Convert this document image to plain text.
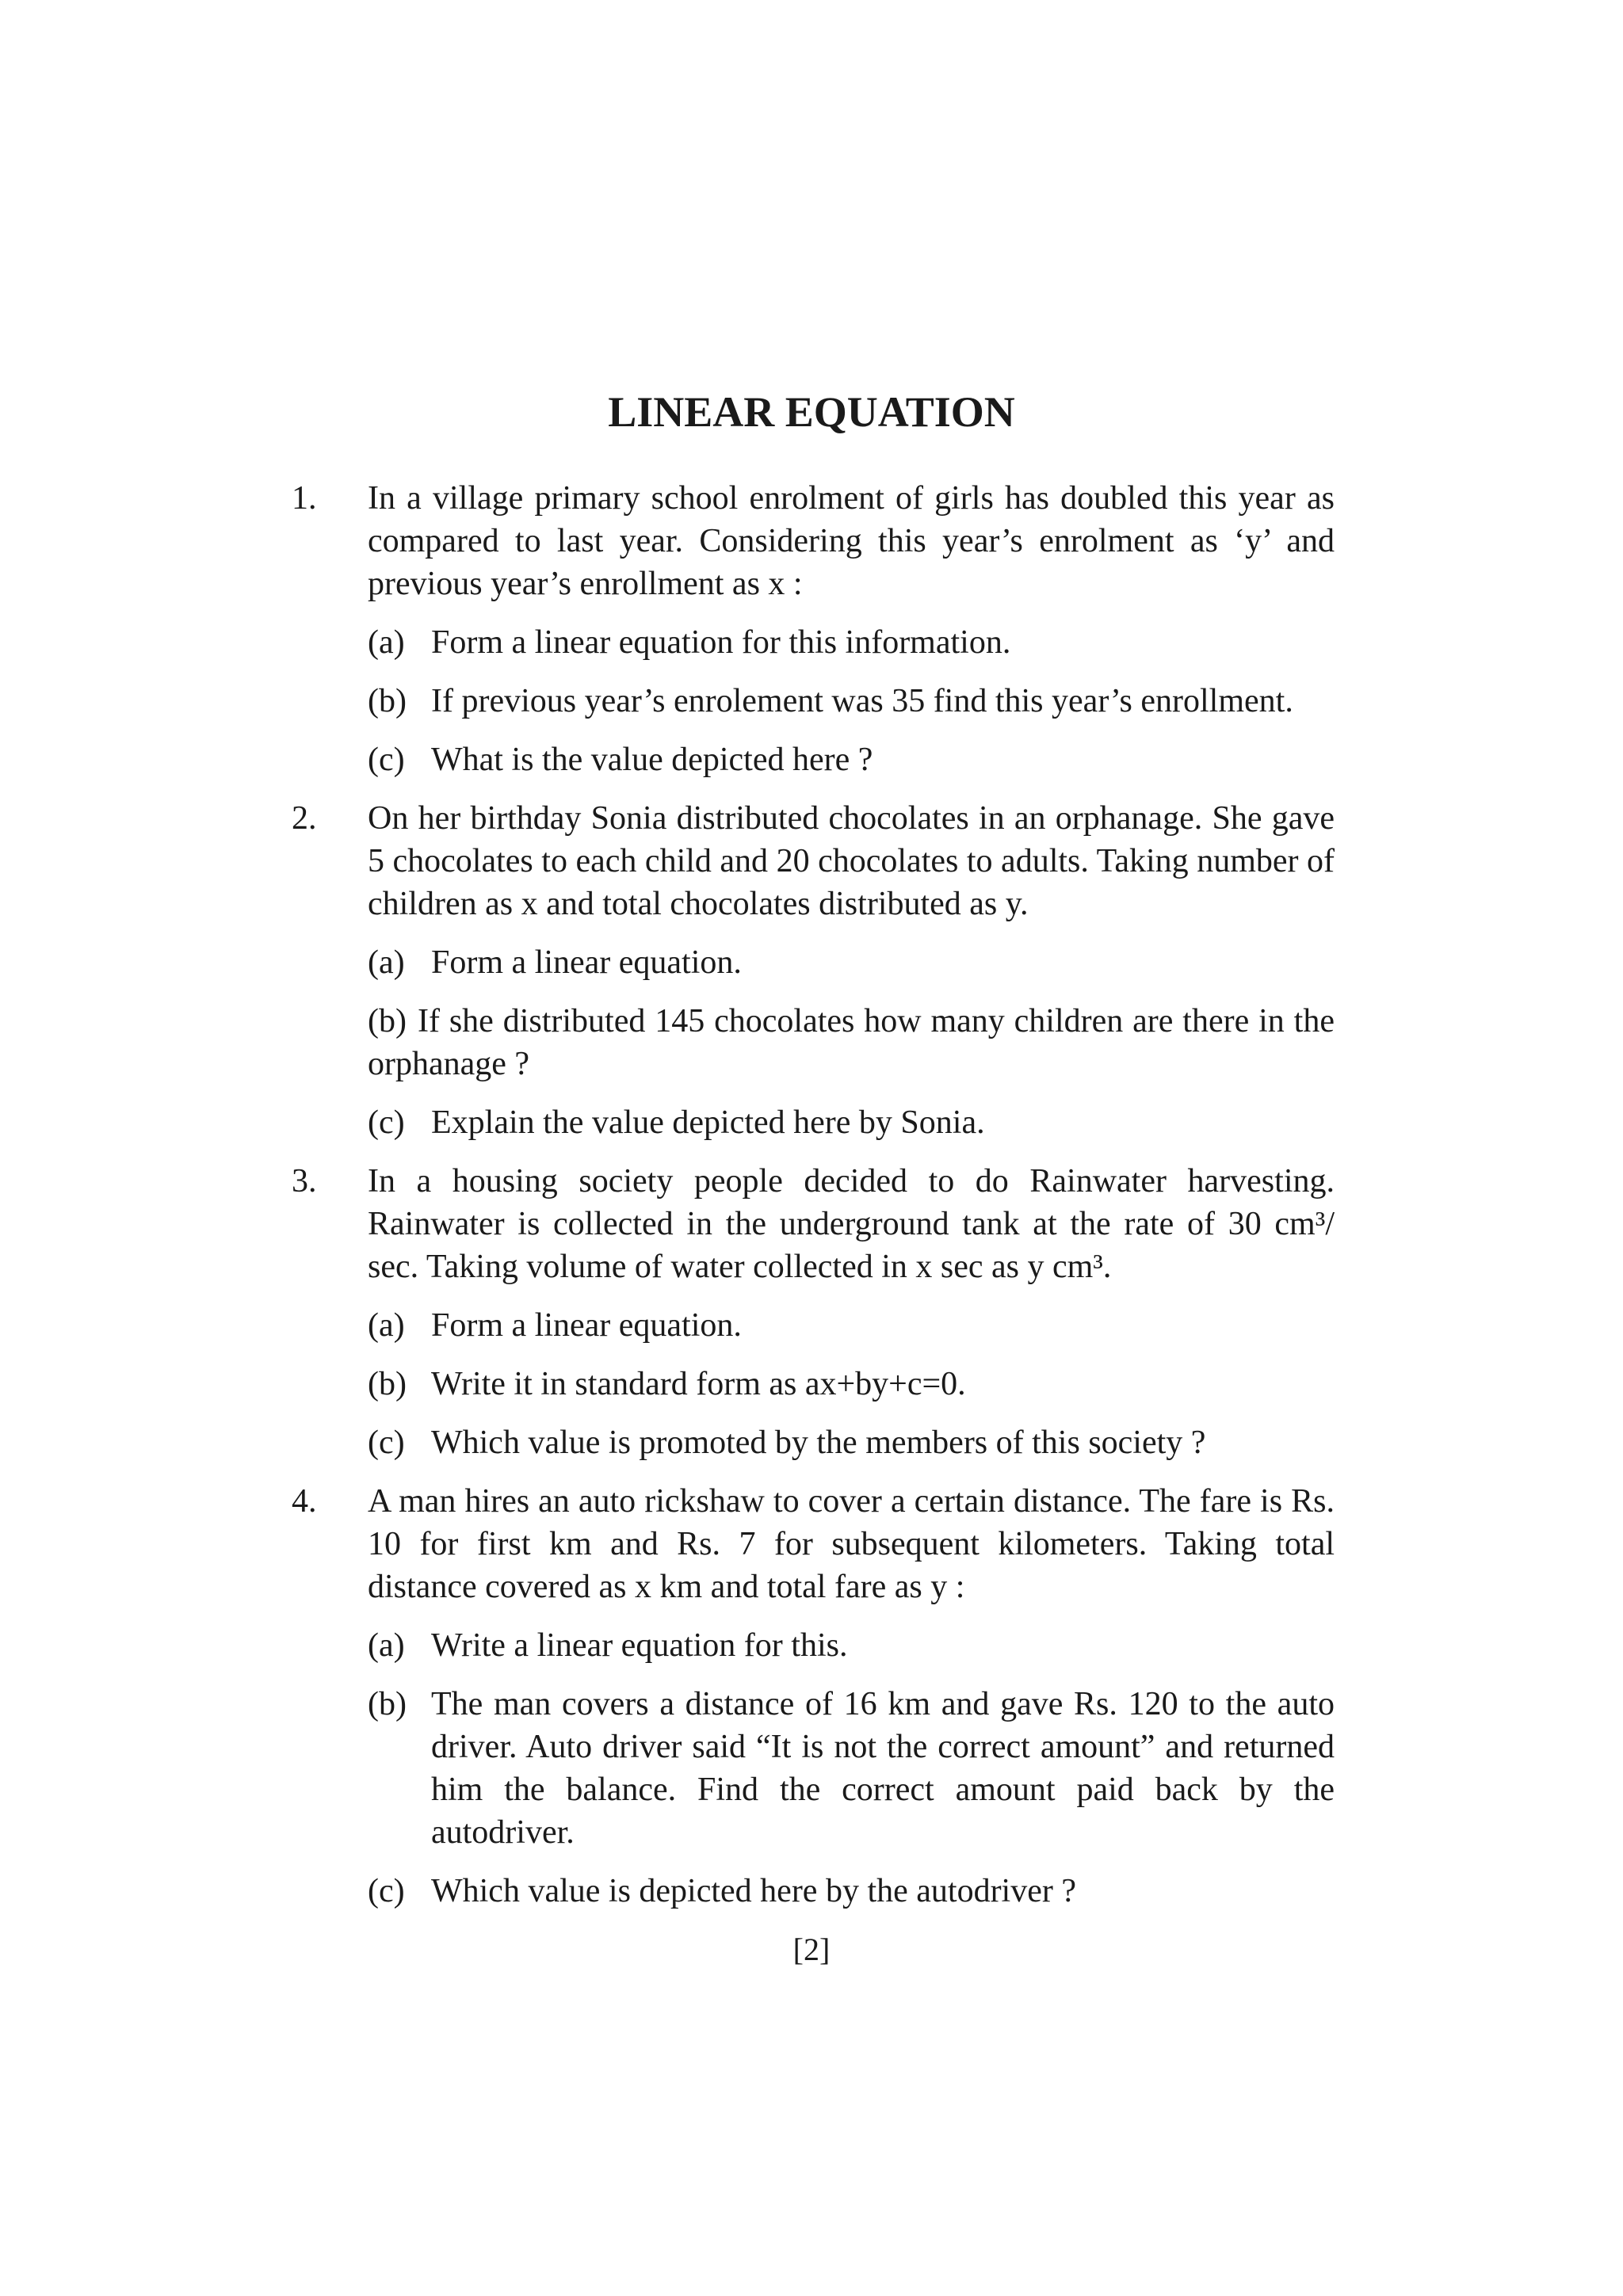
LINEAR EQUATION
1. In a village primary school enrolment of girls has doubled this year as compared to last year. Considering this year’s enrolment as ‘y’ and previous year’s enrollment as x :
(a) Form a linear equation for this information.
(b) If previous year’s enrolement was 35 find this year’s enrollment.
(c) What is the value depicted here ?
2. On her birthday Sonia distributed chocolates in an orphanage. She gave 5 chocolates to each child and 20 chocolates to adults. Taking number of children as x and total chocolates distributed as y.
(a) Form a linear equation.
(b) If she distributed 145 chocolates how many children are there in the orphanage ?
(c) Explain the value depicted here by Sonia.
3. In a housing society people decided to do Rainwater harvesting. Rainwater is collected in the underground tank at the rate of 30 cm³/ sec. Taking volume of water collected in x sec as y cm³.
(a) Form a linear equation.
(b) Write it in standard form as ax+by+c=0.
(c) Which value is promoted by the members of this society ?
4. A man hires an auto rickshaw to cover a certain distance. The fare is Rs. 10 for first km and Rs. 7 for subsequent kilometers. Taking total distance covered as x km and total fare as y :
(a) Write a linear equation for this.
(b) The man covers a distance of 16 km and gave Rs. 120 to the auto driver. Auto driver said “It is not the correct amount” and returned him the balance. Find the correct amount paid back by the autodriver.
(c) Which value is depicted here by the autodriver ?
[2]
